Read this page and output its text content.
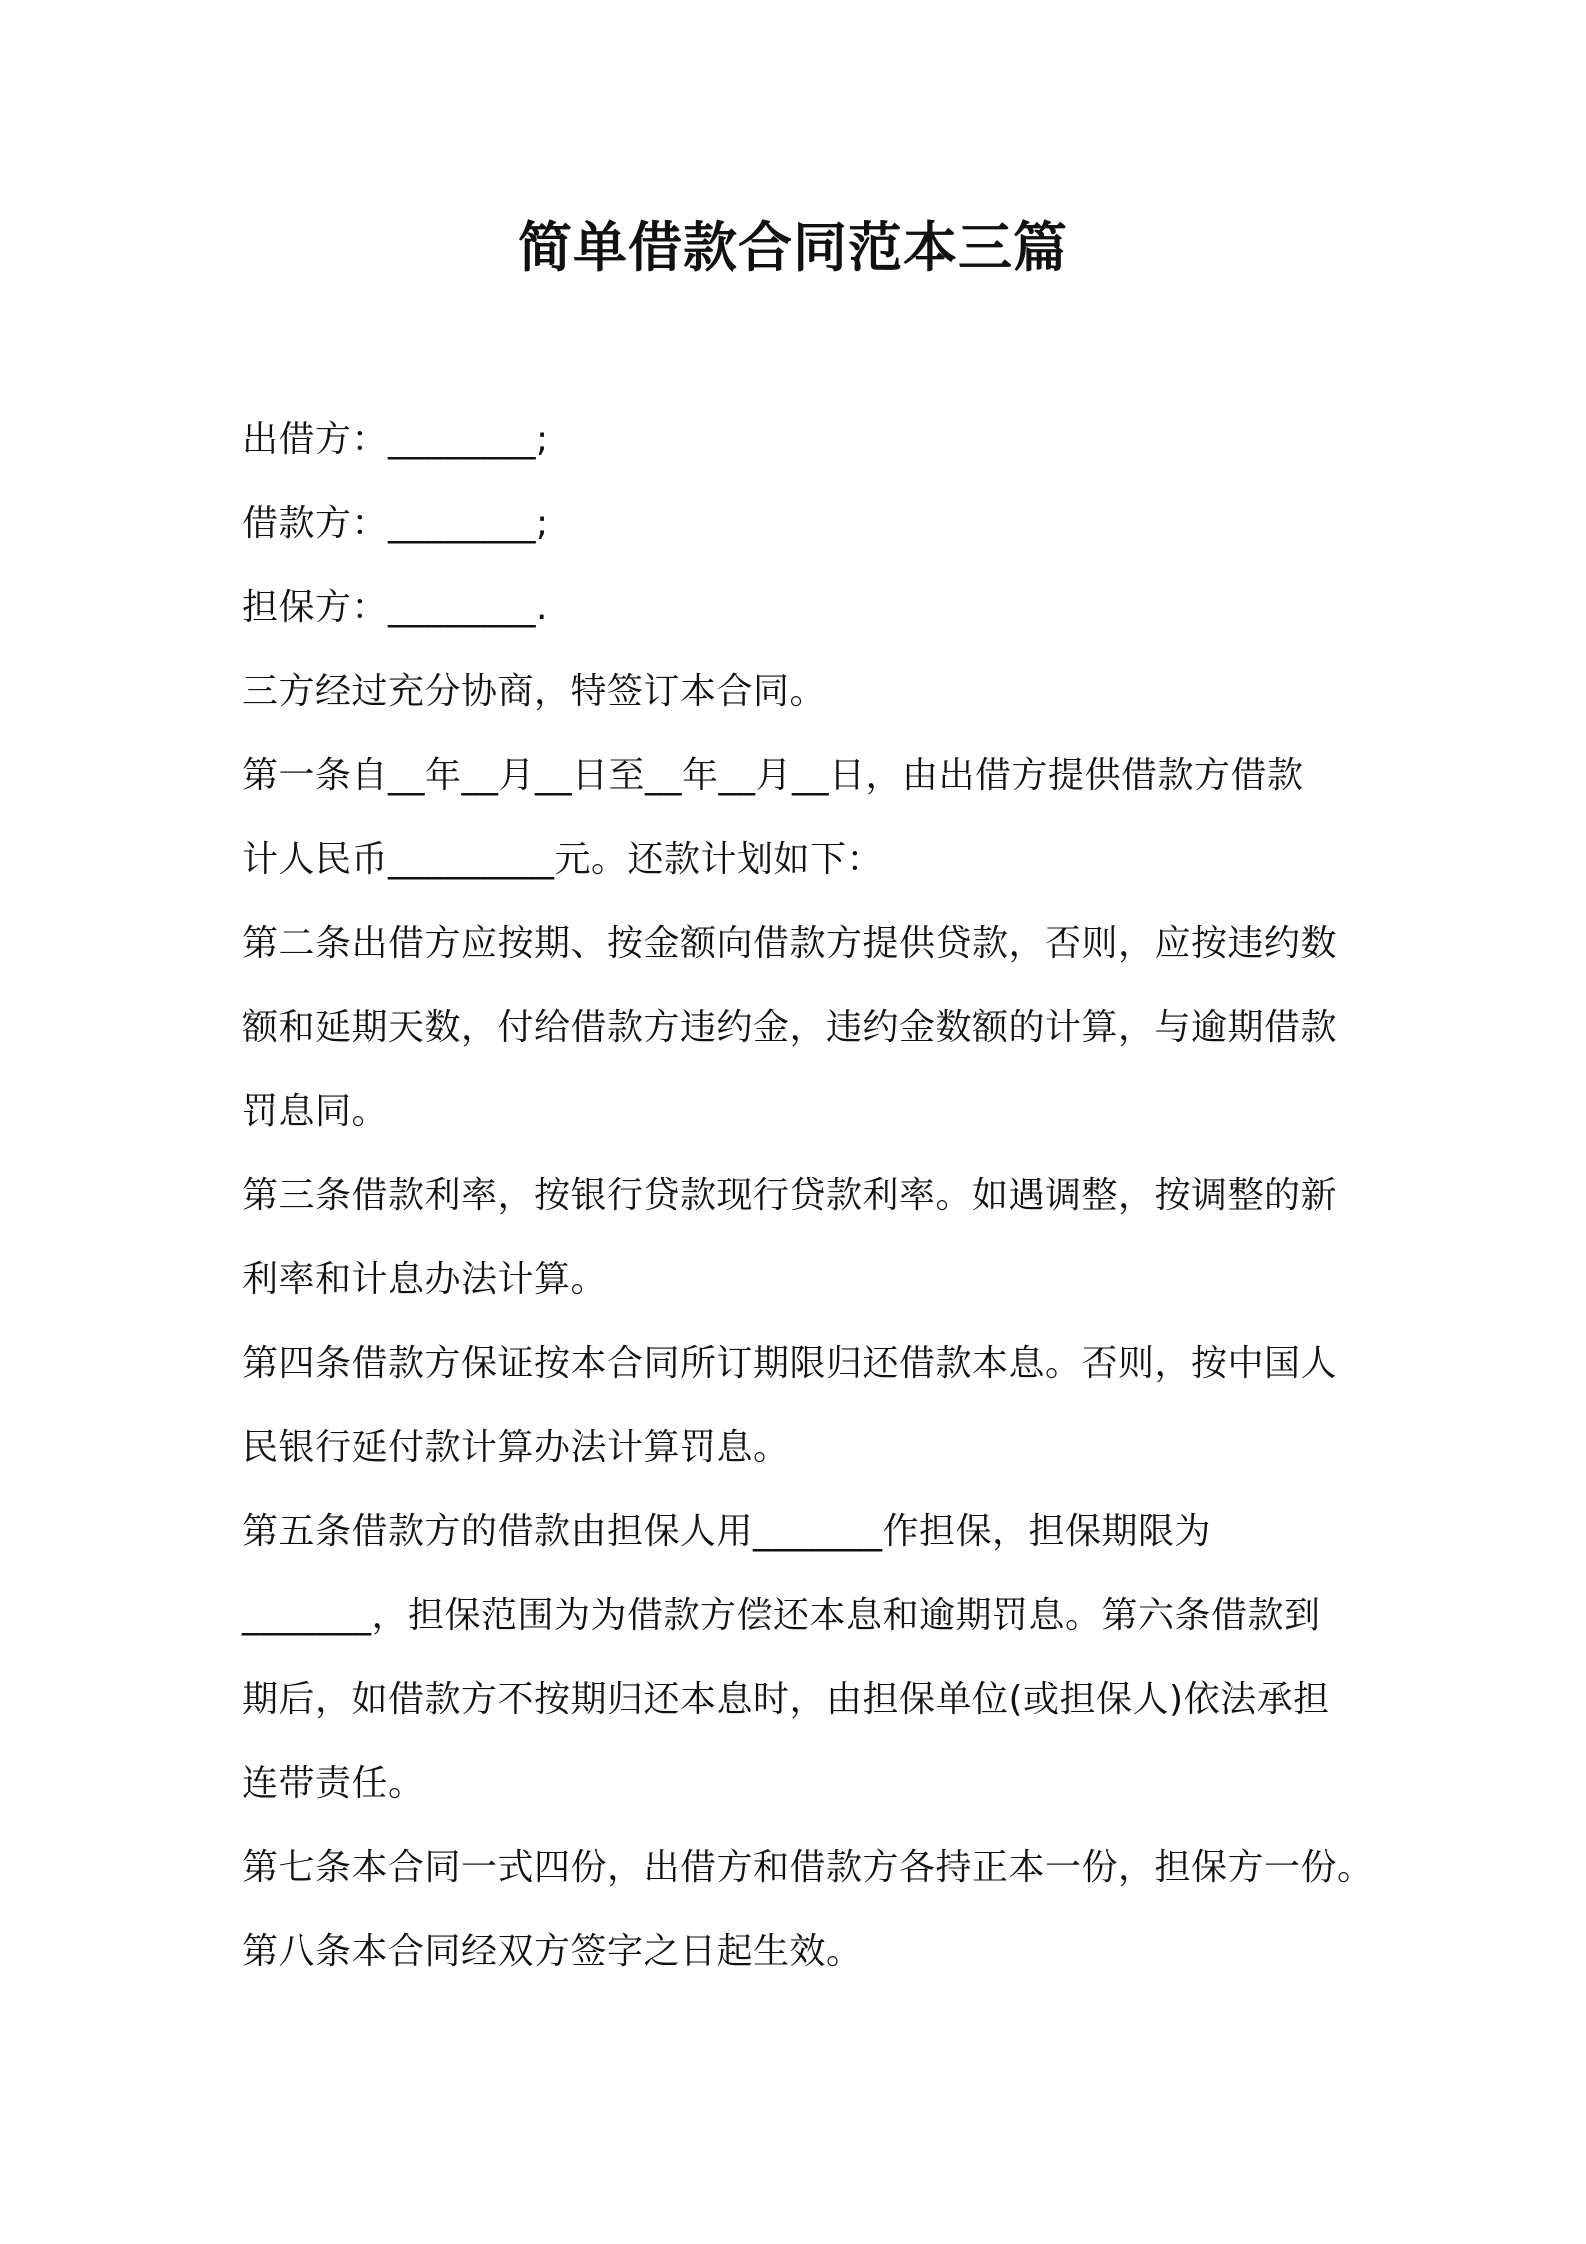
简单借款合同范本三篇
出借方：________;
借款方：________;
担保方：________.
三方经过充分协商，特签订本合同。
第一条自__年__月__日至__年__月__日，由出借方提供借款方借款
计人民币_________元。还款计划如下：
第二条出借方应按期、按金额向借款方提供贷款，否则，应按违约数
额和延期天数，付给借款方违约金，违约金数额的计算，与逾期借款
罚息同。
第三条借款利率，按银行贷款现行贷款利率。如遇调整，按调整的新
利率和计息办法计算。
第四条借款方保证按本合同所订期限归还借款本息。否则，按中国人
民银行延付款计算办法计算罚息。
第五条借款方的借款由担保人用_______作担保，担保期限为
_______，担保范围为为借款方偿还本息和逾期罚息。第六条借款到
期后，如借款方不按期归还本息时，由担保单位(或担保人)依法承担
连带责任。
第七条本合同一式四份，出借方和借款方各持正本一份，担保方一份。
第八条本合同经双方签字之日起生效。
